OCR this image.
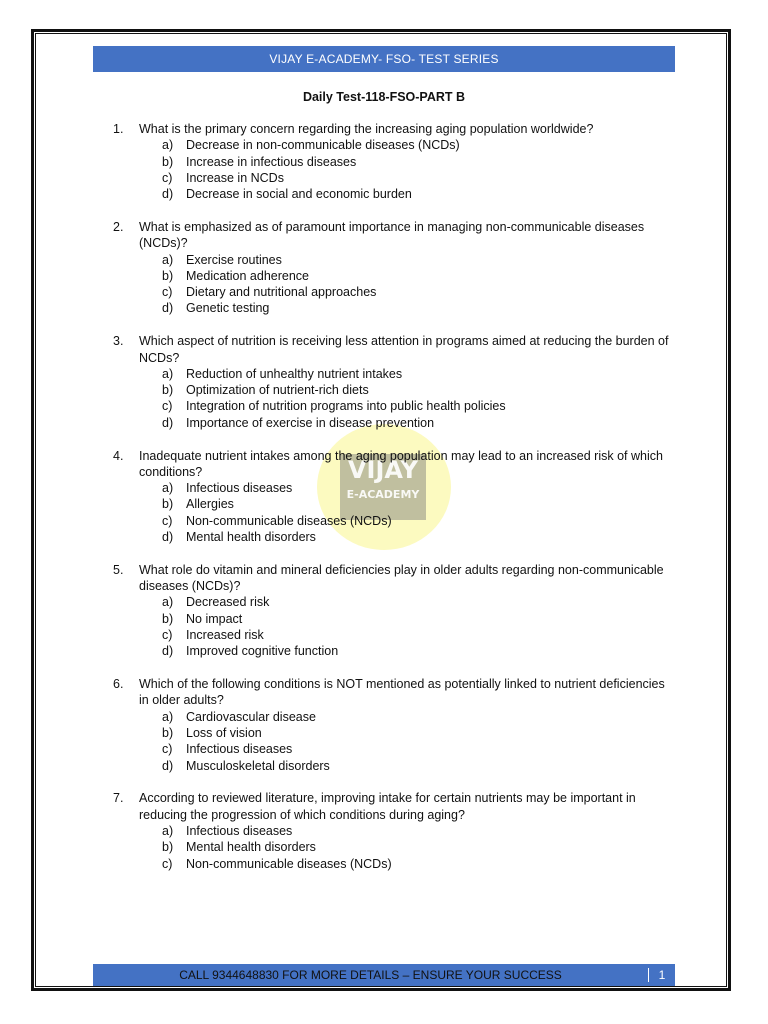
VIJAY E-ACADEMY- FSO- TEST SERIES
Daily Test-118-FSO-PART B
VIJAY
E-ACADEMY
1.	What is the primary concern regarding the increasing aging population worldwide?
a)	Decrease in non-communicable diseases (NCDs)
b)	Increase in infectious diseases
c)	Increase in NCDs
d)	Decrease in social and economic burden
2.	What is emphasized as of paramount importance in managing non-communicable diseases (NCDs)?
a)	Exercise routines
b)	Medication adherence
c)	Dietary and nutritional approaches
d)	Genetic testing
3.	Which aspect of nutrition is receiving less attention in programs aimed at reducing the burden of NCDs?
a)	Reduction of unhealthy nutrient intakes
b)	Optimization of nutrient-rich diets
c)	Integration of nutrition programs into public health policies
d)	Importance of exercise in disease prevention
4.	Inadequate nutrient intakes among the aging population may lead to an increased risk of which conditions?
a)	Infectious diseases
b)	Allergies
c)	Non-communicable diseases (NCDs)
d)	Mental health disorders
5.	What role do vitamin and mineral deficiencies play in older adults regarding non-communicable diseases (NCDs)?
a)	Decreased risk
b)	No impact
c)	Increased risk
d)	Improved cognitive function
6.	Which of the following conditions is NOT mentioned as potentially linked to nutrient deficiencies in older adults?
a)	Cardiovascular disease
b)	Loss of vision
c)	Infectious diseases
d)	Musculoskeletal disorders
7.	According to reviewed literature, improving intake for certain nutrients may be important in reducing the progression of which conditions during aging?
a)	Infectious diseases
b)	Mental health disorders
c)	Non-communicable diseases (NCDs)
CALL 9344648830 FOR MORE DETAILS – ENSURE YOUR SUCCESS	1
